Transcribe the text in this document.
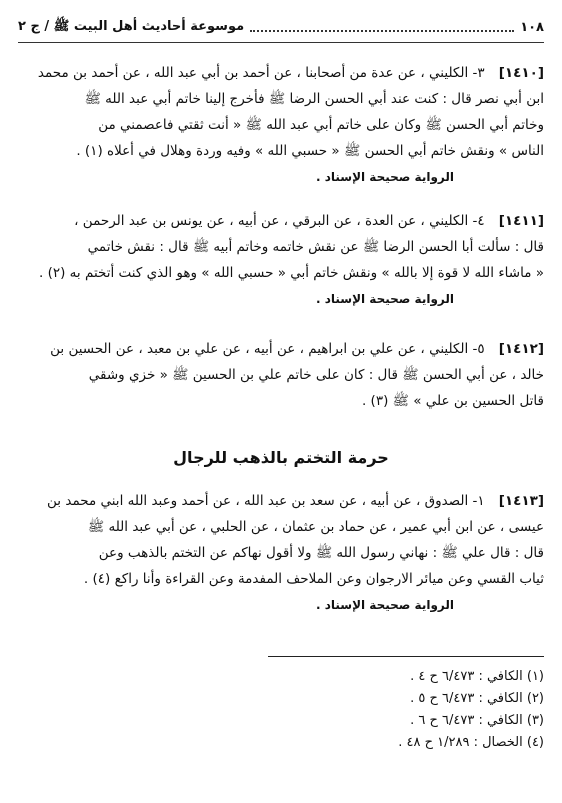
١٠٨
موسوعة أحاديث أهل البيت ﷺ / ج ٢
[١٤١٠]٣- الكليني ، عن عدة من أصحابنا ، عن أحمد بن أبي عبد الله ، عن أحمد بن محمد
ابن أبي نصر قال : كنت عند أبي الحسن الرضا ﷺ فأخرج إلينا خاتم أبي عبد الله ﷺ
وخاتم أبي الحسن ﷺ وكان على خاتم أبي عبد الله ﷺ « أنت ثقتي فاعصمني من
الناس » ونقش خاتم أبي الحسن ﷺ « حسبي الله » وفيه وردة وهلال في أعلاه (١) .
الرواية صحيحة الإسناد .
[١٤١١]٤- الكليني ، عن العدة ، عن البرقي ، عن أبيه ، عن يونس بن عبد الرحمن ،
قال : سألت أبا الحسن الرضا ﷺ عن نقش خاتمه وخاتم أبيه ﷺ قال : نقش خاتمي
« ماشاء الله لا قوة إلا بالله » ونقش خاتم أبي « حسبي الله » وهو الذي كنت أتختم به (٢) .
الرواية صحيحة الإسناد .
[١٤١٢]٥- الكليني ، عن علي بن ابراهيم ، عن أبيه ، عن علي بن معبد ، عن الحسين بن
خالد ، عن أبي الحسن ﷺ قال : كان على خاتم علي بن الحسين ﷺ « خزي وشقي
قاتل الحسين بن علي » ﷺ (٣) .
حرمة التختم بالذهب للرجال
[١٤١٣]١- الصدوق ، عن أبيه ، عن سعد بن عبد الله ، عن أحمد وعبد الله ابني محمد بن
عيسى ، عن ابن أبي عمير ، عن حماد بن عثمان ، عن الحلبي ، عن أبي عبد الله ﷺ
قال : قال علي ﷺ : نهاني رسول الله ﷺ ولا أقول نهاكم عن التختم بالذهب وعن
ثياب القسي وعن ميائر الارجوان وعن الملاحف المفدمة وعن القراءة وأنا راكع (٤) .
الرواية صحيحة الإسناد .
(١) الكافي : ٦/٤٧٣ ح ٤ .
(٢) الكافي : ٦/٤٧٣ ح ٥ .
(٣) الكافي : ٦/٤٧٣ ح ٦ .
(٤) الخصال : ١/٢٨٩ ح ٤٨ .
